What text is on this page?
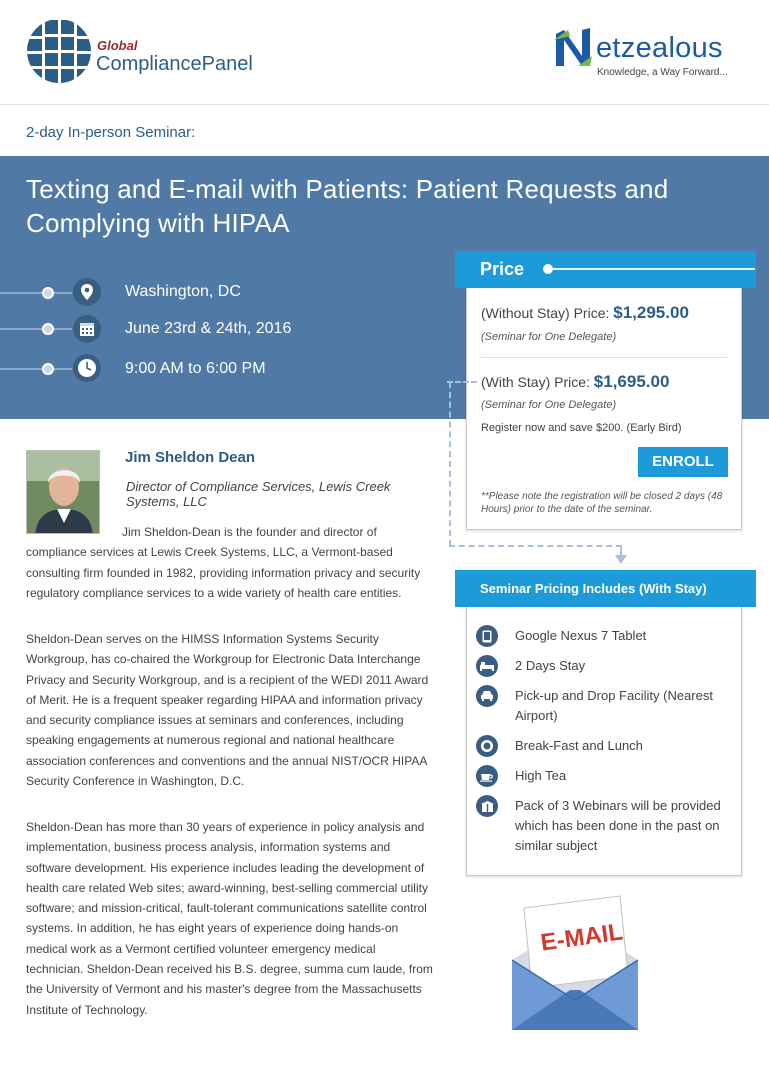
Global
CompliancePanel	etzealous
Knowledge, a Way Forward...
2-day In-person Seminar:
Texting and E-mail with Patients: Patient Requests and Complying with HIPAA
Washington, DC
June 23rd & 24th, 2016
9:00 AM to 6:00 PM
Price
(Without Stay) Price: $1,295.00
(Seminar for One Delegate)
(With Stay) Price: $1,695.00
(Seminar for One Delegate)
Register now and save $200. (Early Bird)
ENROLL
**Please note the registration will be closed 2 days (48 Hours) prior to the date of the seminar.
Seminar Pricing Includes (With Stay)
Google Nexus 7 Tablet
2 Days Stay
Pick-up and Drop Facility (Nearest Airport)
Break-Fast and Lunch
High Tea
Pack of 3 Webinars will be provided which has been done in the past on similar subject
Jim Sheldon Dean
Director of Compliance Services, Lewis Creek Systems, LLC
Jim Sheldon-Dean is the founder and director of compliance services at Lewis Creek Systems, LLC, a Vermont-based consulting firm founded in 1982, providing information privacy and security regulatory compliance services to a wide variety of health care entities.
Sheldon-Dean serves on the HIMSS Information Systems Security Workgroup, has co-chaired the Workgroup for Electronic Data Interchange Privacy and Security Workgroup, and is a recipient of the WEDI 2011 Award of Merit. He is a frequent speaker regarding HIPAA and information privacy and security compliance issues at seminars and conferences, including speaking engagements at numerous regional and national healthcare association conferences and conventions and the annual NIST/OCR HIPAA Security Conference in Washington, D.C.
Sheldon-Dean has more than 30 years of experience in policy analysis and implementation, business process analysis, information systems and software development. His experience includes leading the development of health care related Web sites; award-winning, best-selling commercial utility software; and mission-critical, fault-tolerant communications satellite control systems. In addition, he has eight years of experience doing hands-on medical work as a Vermont certified volunteer emergency medical technician. Sheldon-Dean received his B.S. degree, summa cum laude, from the University of Vermont and his master's degree from the Massachusetts Institute of Technology.
E-MAIL
